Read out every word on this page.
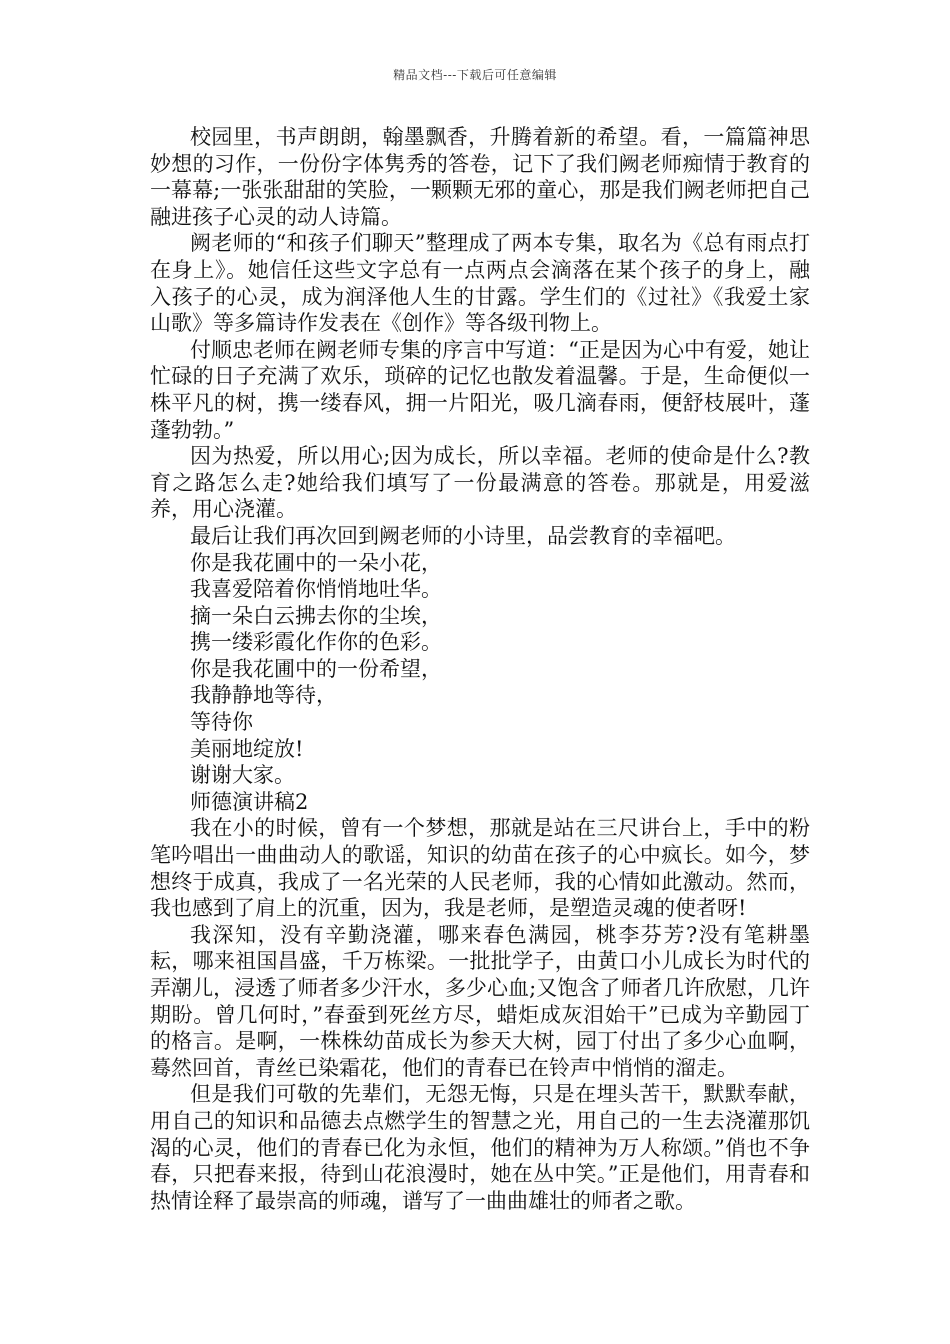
精品文档---下载后可任意编辑

校园里，书声朗朗，翰墨飘香，升腾着新的希望。看，一篇篇神思妙想的习作，一份份字体隽秀的答卷，记下了我们阙老师痴情于教育的一幕幕;一张张甜甜的笑脸，一颗颗无邪的童心，那是我们阙老师把自己融进孩子心灵的动人诗篇。

阙老师的“和孩子们聊天”整理成了两本专集，取名为《总有雨点打在身上》。她信任这些文字总有一点两点会滴落在某个孩子的身上，融入孩子的心灵，成为润泽他人生的甘露。学生们的《过社》《我爱土家山歌》等多篇诗作发表在《创作》等各级刊物上。

付顺忠老师在阙老师专集的序言中写道：“正是因为心中有爱，她让忙碌的日子充满了欢乐，琐碎的记忆也散发着温馨。于是，生命便似一株平凡的树，携一缕春风，拥一片阳光，吸几滴春雨，便舒枝展叶，蓬蓬勃勃。”

因为热爱，所以用心;因为成长，所以幸福。老师的使命是什么?教育之路怎么走?她给我们填写了一份最满意的答卷。那就是，用爱滋养，用心浇灌。

最后让我们再次回到阙老师的小诗里，品尝教育的幸福吧。

你是我花圃中的一朵小花，

我喜爱陪着你悄悄地吐华。

摘一朵白云拂去你的尘埃，

携一缕彩霞化作你的色彩。

你是我花圃中的一份希望，

我静静地等待，

等待你

美丽地绽放!

谢谢大家。

师德演讲稿2

我在小的时候，曾有一个梦想，那就是站在三尺讲台上，手中的粉笔吟唱出一曲曲动人的歌谣，知识的幼苗在孩子的心中疯长。如今，梦想终于成真，我成了一名光荣的人民老师，我的心情如此激动。然而，我也感到了肩上的沉重，因为，我是老师，是塑造灵魂的使者呀!

我深知，没有辛勤浇灌，哪来春色满园，桃李芬芳?没有笔耕墨耘，哪来祖国昌盛，千万栋梁。一批批学子，由黄口小儿成长为时代的弄潮儿，浸透了师者多少汗水，多少心血;又饱含了师者几许欣慰，几许期盼。曾几何时，”春蚕到死丝方尽，蜡炬成灰泪始干”已成为辛勤园丁的格言。是啊，一株株幼苗成长为参天大树，园丁付出了多少心血啊，蓦然回首，青丝已染霜花，他们的青春已在铃声中悄悄的溜走。

但是我们可敬的先辈们，无怨无悔，只是在埋头苦干，默默奉献，用自己的知识和品德去点燃学生的智慧之光，用自己的一生去浇灌那饥渴的心灵，他们的青春已化为永恒，他们的精神为万人称颂。”俏也不争春，只把春来报，待到山花浪漫时，她在丛中笑。”正是他们，用青春和热情诠释了最崇高的师魂，谱写了一曲曲雄壮的师者之歌。
